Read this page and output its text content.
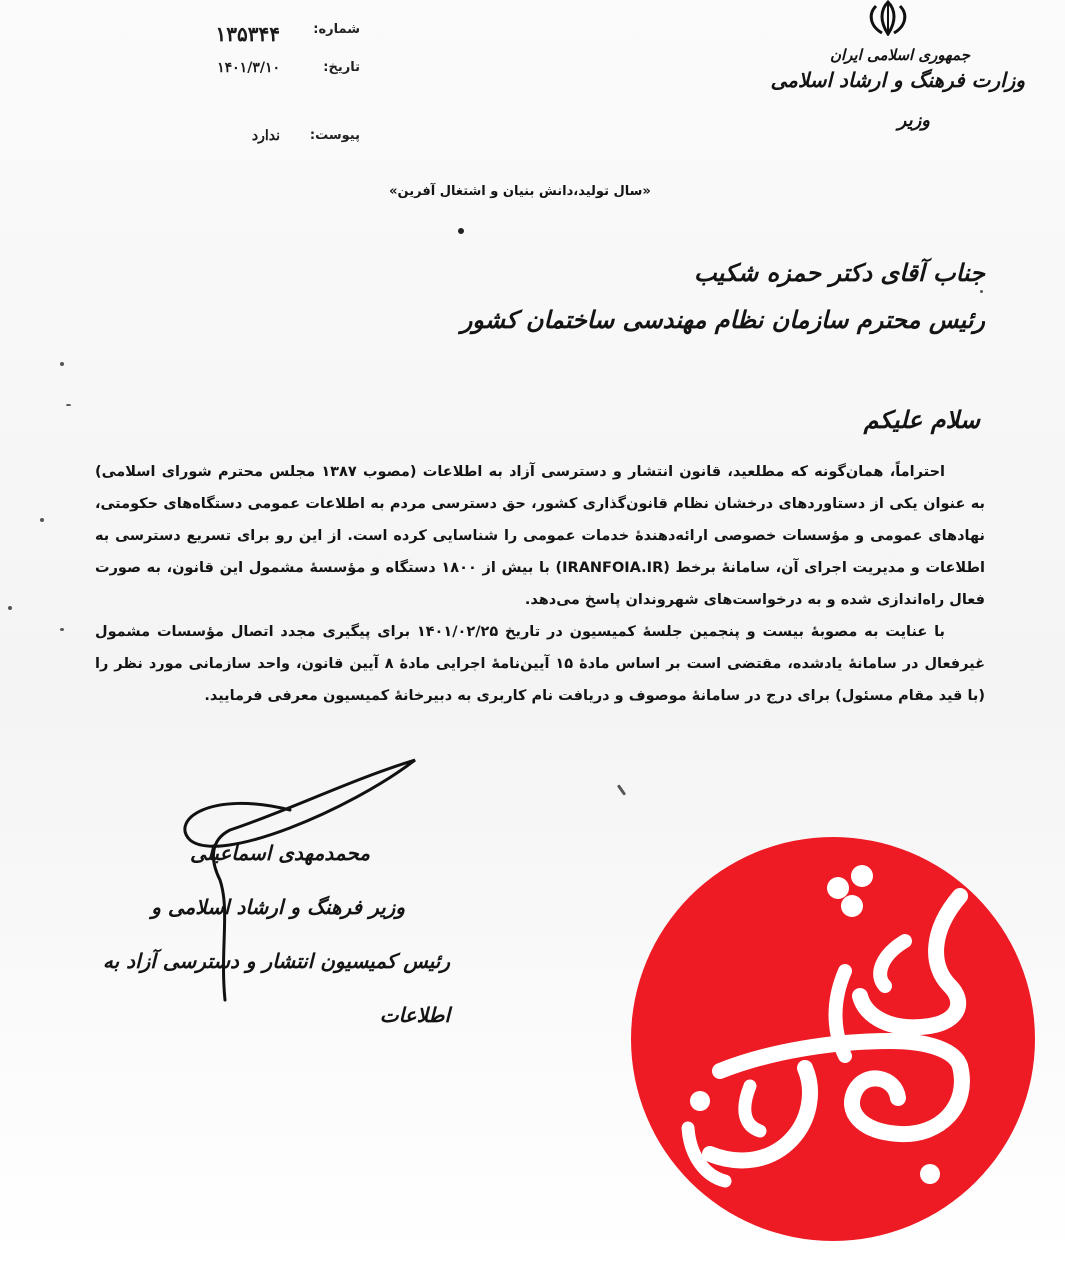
شماره:
۱۳۵۳۴۴
تاریخ:
۱۴۰۱/۳/۱۰
پیوست:
ندارد
جمهوری اسلامی ایران
وزارت فرهنگ و ارشاد اسلامی
وزیر
«سال تولید،دانش بنیان و اشتغال آفرین»
جناب آقای دکتر حمزه شکیب
رئیس محترم سازمان نظام مهندسی ساختمان کشور
سلام علیکم

احتراماً، همان‌گونه که مطلعید، قانون انتشار و دسترسی آزاد به اطلاعات (مصوب ۱۳۸۷ مجلس محترم شورای اسلامی) به عنوان یکی از دستاوردهای درخشان نظام قانون‌گذاری کشور، حق دسترسی مردم به اطلاعات عمومی دستگاه‌های حکومتی، نهادهای عمومی و مؤسسات خصوصی ارائه‌دهندهٔ خدمات عمومی را شناسایی کرده است. از این رو برای تسریع دسترسی به اطلاعات و مدیریت اجرای آن، سامانهٔ برخط (IRANFOIA.IR) با بیش از ۱۸۰۰ دستگاه و مؤسسهٔ مشمول این قانون، به صورت فعال راه‌اندازی شده و به درخواست‌های شهروندان پاسخ می‌دهد.

با عنایت به مصوبهٔ بیست و پنجمین جلسهٔ کمیسیون در تاریخ ۱۴۰۱/۰۲/۲۵ برای پیگیری مجدد اتصال مؤسسات مشمول غیرفعال در سامانهٔ یادشده، مقتضی است بر اساس مادهٔ ۱۵ آیین‌نامهٔ اجرایی مادهٔ ۸ آیین قانون، واحد سازمانی مورد نظر را (با قید مقام مسئول) برای درج در سامانهٔ موصوف و دریافت نام کاربری به دبیرخانهٔ کمیسیون معرفی فرمایید.

محمدمهدی اسماعیلی
وزیر فرهنگ و ارشاد اسلامی و
رئیس کمیسیون انتشار و دسترسی آزاد به اطلاعات
